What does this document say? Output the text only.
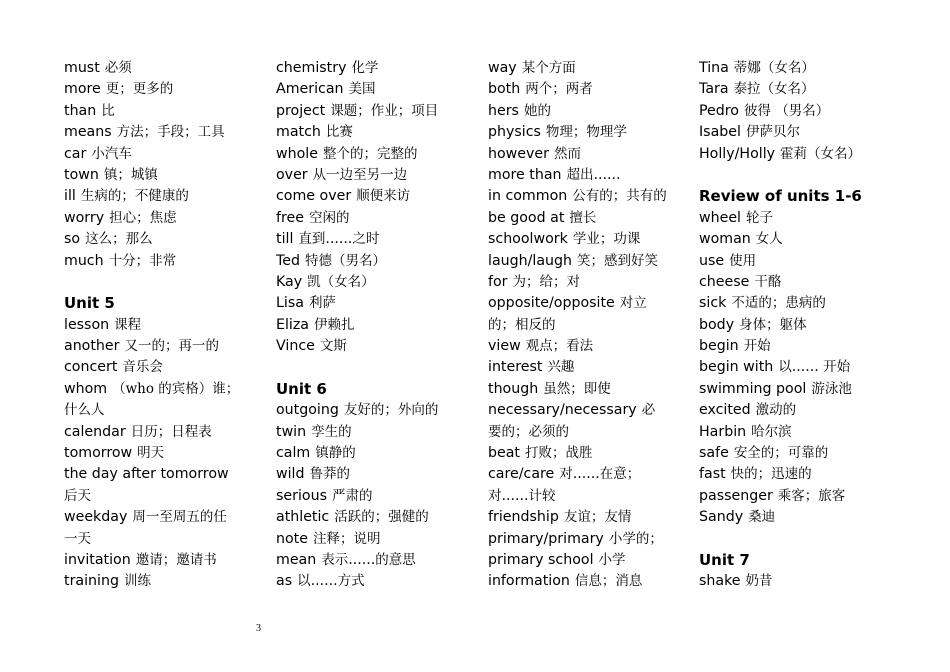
must 必须
more 更；更多的
than 比
means 方法；手段；工具
car 小汽车
town 镇；城镇
ill 生病的；不健康的
worry 担心；焦虑
so 这么；那么
much 十分；非常
Unit 5
lesson 课程
another 又一的；再一的
concert 音乐会
whom （who 的宾格）谁；
什么人
calendar 日历；日程表
tomorrow 明天
the day after tomorrow
后天
weekday 周一至周五的任
一天
invitation 邀请；邀请书
training 训练
chemistry 化学
American 美国
project 课题；作业；项目
match 比赛
whole 整个的；完整的
over 从一边至另一边
come over 顺便来访
free 空闲的
till 直到……之时
Ted 特德（男名）
Kay 凯（女名）
Lisa 利萨
Eliza 伊赖扎
Vince 文斯
Unit 6
outgoing 友好的；外向的
twin 孪生的
calm 镇静的
wild 鲁莽的
serious 严肃的
athletic 活跃的；强健的
note 注释；说明
mean 表示……的意思
as 以……方式
way 某个方面
both 两个；两者
hers 她的
physics 物理；物理学
however 然而
more than 超出……
in common 公有的；共有的
be good at 擅长
schoolwork 学业；功课
laugh/laugh 笑；感到好笑
for 为；给；对
opposite/opposite 对立
的；相反的
view 观点；看法
interest 兴趣
though 虽然；即使
necessary/necessary 必
要的；必须的
beat 打败；战胜
care/care 对……在意；
对……计较
friendship 友谊；友情
primary/primary 小学的；
primary school 小学
information 信息；消息
Tina 蒂娜（女名）
Tara 泰拉（女名）
Pedro 彼得 （男名）
Isabel 伊萨贝尔
Holly/Holly 霍莉（女名）
Review of units 1-6
wheel 轮子
woman 女人
use 使用
cheese 干酪
sick 不适的；患病的
body 身体；躯体
begin 开始
begin with 以…… 开始
swimming pool 游泳池
excited 激动的
Harbin 哈尔滨
safe 安全的；可靠的
fast 快的；迅速的
passenger 乘客；旅客
Sandy 桑迪
Unit 7
shake 奶昔
3
